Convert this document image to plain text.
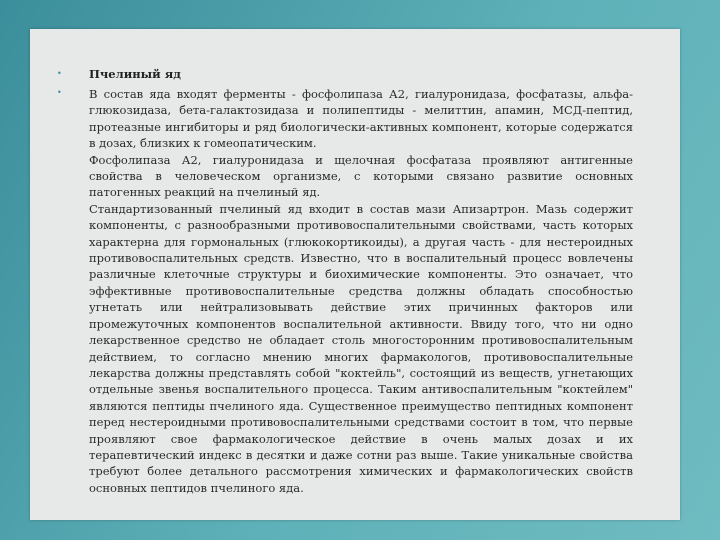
•
•
Пчелиный яд

В состав яда входят ферменты - фосфолипаза А2, гиалуронидаза, фосфатазы, альфа-глюкозидаза, бета-галактозидаза и полипептиды - мелиттин, апамин, МСД-пептид, протеазные ингибиторы и ряд биологически-активных компонент, которые содержатся в дозах, близких к гомеопатическим.

Фосфолипаза А2, гиалуронидаза и щелочная фосфатаза проявляют антигенные свойства в человеческом организме, с которыми связано развитие основных патогенных реакций на пчелиный яд.

Стандартизованный пчелиный яд входит в состав мази Апизартрон. Мазь содержит компоненты, с разнообразными противовоспалительными свойствами, часть которых характерна для гормональных (глюкокортикоиды), а другая часть - для нестероидных противовоспалительных средств. Известно, что в воспалительный процесс вовлечены различные клеточные структуры и биохимические компоненты. Это означает, что эффективные противовоспалительные средства должны обладать способностью угнетать или нейтрализовывать действие этих причинных факторов или промежуточных компонентов воспалительной активности. Ввиду того, что ни одно лекарственное средство не обладает столь многосторонним противовоспалительным действием, то согласно мнению многих фармакологов, противовоспалительные лекарства должны представлять собой "коктейль", состоящий из веществ, угнетающих отдельные звенья воспалительного процесса. Таким антивоспалительным "коктейлем" являются пептиды пчелиного яда. Существенное преимущество пептидных компонент перед нестероидными противовоспалительными средствами состоит в том, что первые проявляют свое фармакологическое действие в очень малых дозах и их терапевтический индекс в десятки и даже сотни раз выше. Такие уникальные свойства требуют более детального рассмотрения химических и фармакологических свойств основных пептидов пчелиного яда.
